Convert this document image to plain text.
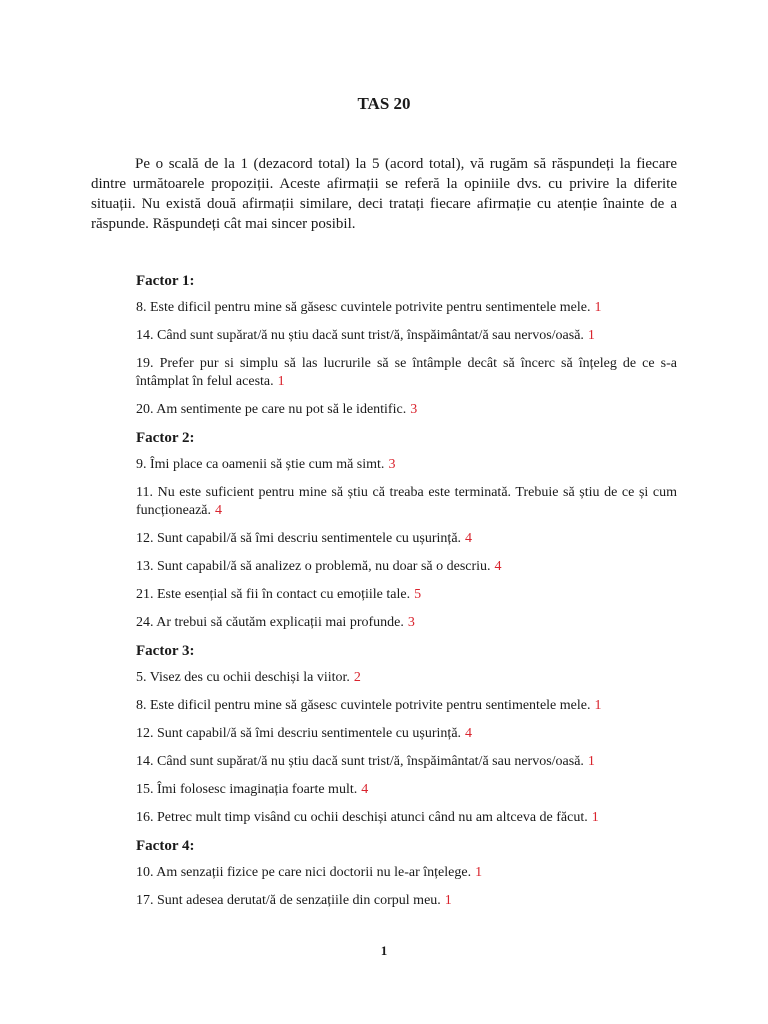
TAS 20

Pe o scală de la 1 (dezacord total) la 5 (acord total), vă rugăm să răspundeți la fiecare dintre următoarele propoziții. Aceste afirmații se referă la opiniile dvs. cu privire la diferite situații. Nu există două afirmații similare, deci tratați fiecare afirmație cu atenție înainte de a răspunde. Răspundeți cât mai sincer posibil.

Factor 1:

8. Este dificil pentru mine să găsesc cuvintele potrivite pentru sentimentele mele. 1

14. Când sunt supărat/ă nu știu dacă sunt trist/ă, înspăimântat/ă sau nervos/oasă. 1

19. Prefer pur si simplu să las lucrurile să se întâmple decât să încerc să înțeleg de ce s-a întâmplat în felul acesta. 1

20. Am sentimente pe care nu pot să le identific. 3

Factor 2:

9. Îmi place ca oamenii să știe cum mă simt. 3

11. Nu este suficient pentru mine să știu că treaba este terminată. Trebuie să știu de ce și cum funcționează. 4

12. Sunt capabil/ă să îmi descriu sentimentele cu ușurință. 4

13. Sunt capabil/ă să analizez o problemă, nu doar să o descriu. 4

21. Este esențial să fii în contact cu emoțiile tale. 5

24. Ar trebui să căutăm explicații mai profunde. 3

Factor 3:

5. Visez des cu ochii deschiși la viitor. 2

8. Este dificil pentru mine să găsesc cuvintele potrivite pentru sentimentele mele. 1

12. Sunt capabil/ă să îmi descriu sentimentele cu ușurință. 4

14. Când sunt supărat/ă nu știu dacă sunt trist/ă, înspăimântat/ă sau nervos/oasă. 1

15. Îmi folosesc imaginația foarte mult. 4

16. Petrec mult timp visând cu ochii deschiși atunci când nu am altceva de făcut. 1

Factor 4:

10. Am senzații fizice pe care nici doctorii nu le-ar înțelege. 1

17. Sunt adesea derutat/ă de senzațiile din corpul meu. 1

1
